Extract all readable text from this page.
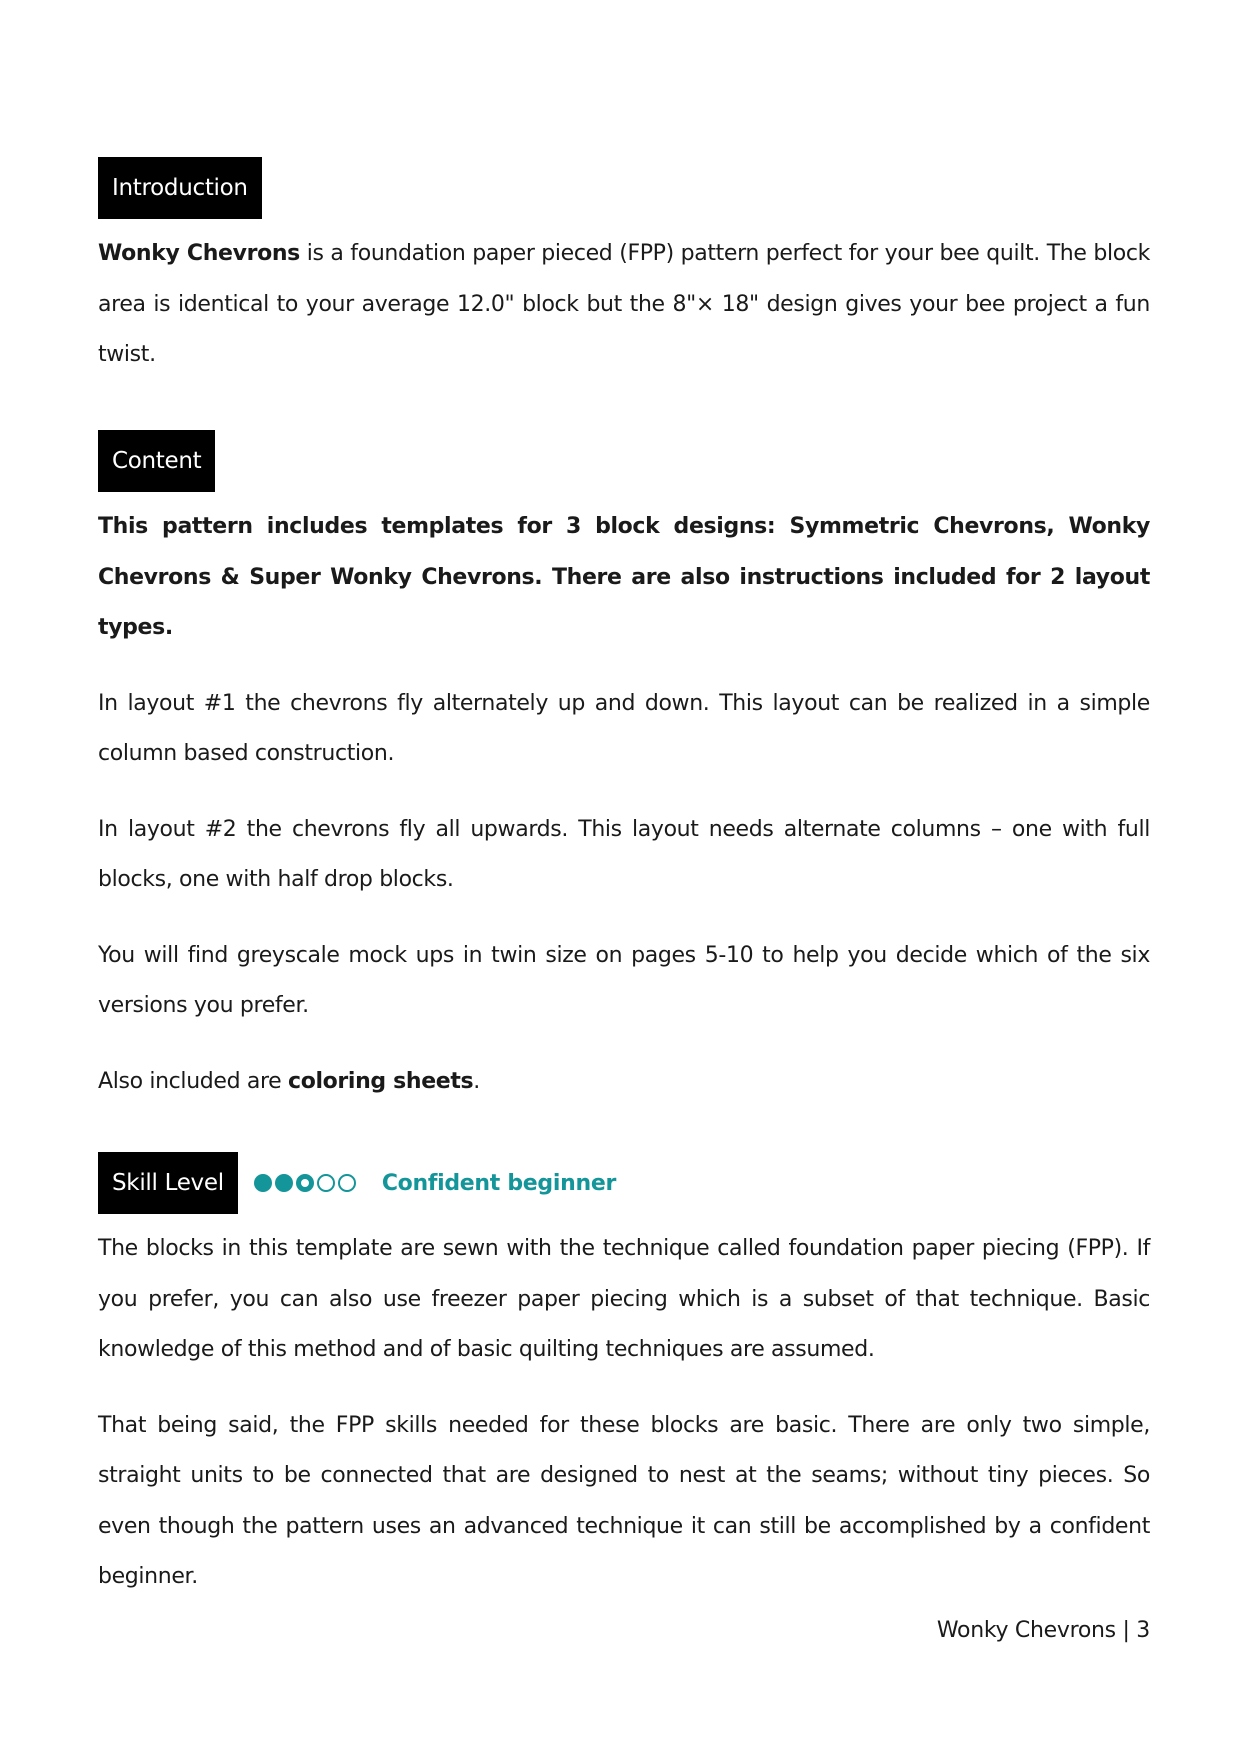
Introduction

Wonky Chevrons is a foundation paper pieced (FPP) pattern perfect for your bee quilt. The block area is identical to your average 12.0" block but the 8"× 18" design gives your bee project a fun twist.

Content

This pattern includes templates for 3 block designs: Symmetric Chevrons, Wonky Chevrons & Super Wonky Chevrons. There are also instructions included for 2 layout types.

In layout #1 the chevrons fly alternately up and down. This layout can be realized in a simple column based construction.

In layout #2 the chevrons fly all upwards. This layout needs alternate columns – one with full blocks, one with half drop blocks.

You will find greyscale mock ups in twin size on pages 5-10 to help you decide which of the six versions you prefer.

Also included are coloring sheets.

Skill Level	Confident beginner

The blocks in this template are sewn with the technique called foundation paper piecing (FPP). If you prefer, you can also use freezer paper piecing which is a subset of that technique. Basic knowledge of this method and of basic quilting techniques are assumed.

That being said, the FPP skills needed for these blocks are basic. There are only two simple, straight units to be connected that are designed to nest at the seams; without tiny pieces. So even though the pattern uses an advanced technique it can still be accomplished by a confident beginner.

Wonky Chevrons | 3
